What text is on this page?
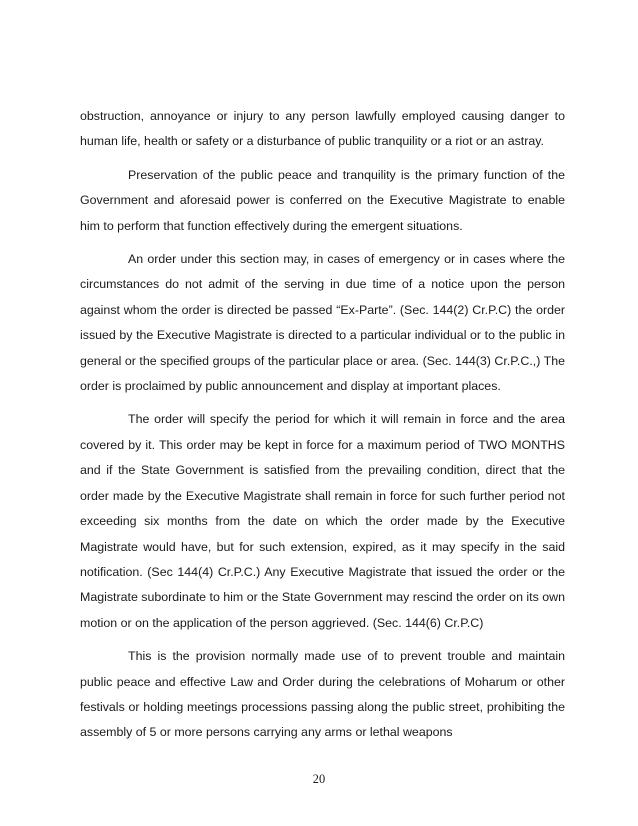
obstruction, annoyance or injury to any person lawfully employed causing danger to human life, health or safety or a disturbance of public tranquility or a riot or an astray.

Preservation of the public peace and tranquility is the primary function of the Government and aforesaid power is conferred on the Executive Magistrate to enable him to perform that function effectively during the emergent situations.

An order under this section may, in cases of emergency or in cases where the circumstances do not admit of the serving in due time of a notice upon the person against whom the order is directed be passed “Ex-Parte”. (Sec. 144(2) Cr.P.C) the order issued by the Executive Magistrate is directed to a particular individual or to the public in general or the specified groups of the particular place or area. (Sec. 144(3) Cr.P.C.,) The order is proclaimed by public announcement and display at important places.

The order will specify the period for which it will remain in force and the area covered by it. This order may be kept in force for a maximum period of TWO MONTHS and if the State Government is satisfied from the prevailing condition, direct that the order made by the Executive Magistrate shall remain in force for such further period not exceeding six months from the date on which the order made by the Executive Magistrate would have, but for such extension, expired, as it may specify in the said notification. (Sec 144(4) Cr.P.C.) Any Executive Magistrate that issued the order or the Magistrate subordinate to him or the State Government may rescind the order on its own motion or on the application of the person aggrieved. (Sec. 144(6) Cr.P.C)

This is the provision normally made use of to prevent trouble and maintain public peace and effective Law and Order during the celebrations of Moharum or other festivals or holding meetings processions passing along the public street, prohibiting the assembly of 5 or more persons carrying any arms or lethal weapons

20
